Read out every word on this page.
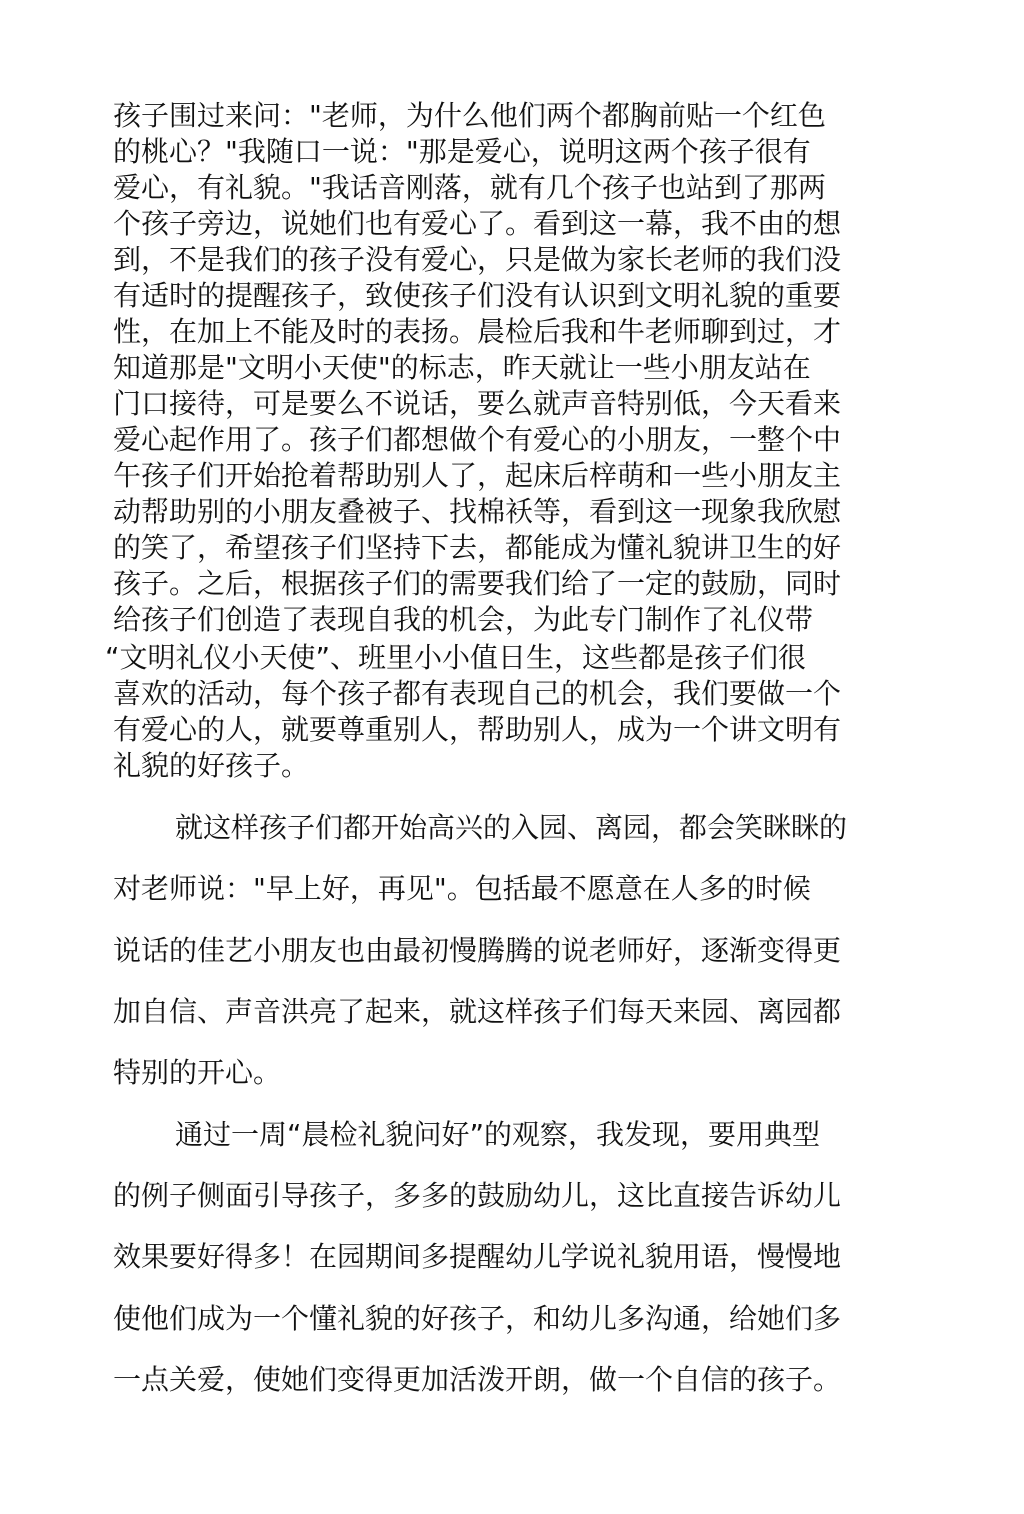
孩子围过来问："老师，为什么他们两个都胸前贴一个红色

的桃心？"我随口一说："那是爱心，说明这两个孩子很有

爱心，有礼貌。"我话音刚落，就有几个孩子也站到了那两

个孩子旁边，说她们也有爱心了。看到这一幕，我不由的想

到，不是我们的孩子没有爱心，只是做为家长老师的我们没

有适时的提醒孩子，致使孩子们没有认识到文明礼貌的重要

性，在加上不能及时的表扬。晨检后我和牛老师聊到过，才

知道那是"文明小天使"的标志，昨天就让一些小朋友站在

门口接待，可是要么不说话，要么就声音特别低，今天看来

爱心起作用了。孩子们都想做个有爱心的小朋友，一整个中

午孩子们开始抢着帮助别人了，起床后梓萌和一些小朋友主

动帮助别的小朋友叠被子、找棉袄等，看到这一现象我欣慰

的笑了，希望孩子们坚持下去，都能成为懂礼貌讲卫生的好

孩子。之后，根据孩子们的需要我们给了一定的鼓励，同时

给孩子们创造了表现自我的机会，为此专门制作了礼仪带

“文明礼仪小天使”、班里小小值日生，这些都是孩子们很

喜欢的活动，每个孩子都有表现自己的机会，我们要做一个

有爱心的人，就要尊重别人，帮助别人，成为一个讲文明有

礼貌的好孩子。

就这样孩子们都开始高兴的入园、离园，都会笑眯眯的

对老师说："早上好，再见"。包括最不愿意在人多的时候

说话的佳艺小朋友也由最初慢腾腾的说老师好，逐渐变得更

加自信、声音洪亮了起来，就这样孩子们每天来园、离园都

特别的开心。

通过一周“晨检礼貌问好”的观察，我发现，要用典型

的例子侧面引导孩子，多多的鼓励幼儿，这比直接告诉幼儿

效果要好得多！在园期间多提醒幼儿学说礼貌用语，慢慢地

使他们成为一个懂礼貌的好孩子，和幼儿多沟通，给她们多

一点关爱，使她们变得更加活泼开朗，做一个自信的孩子。
